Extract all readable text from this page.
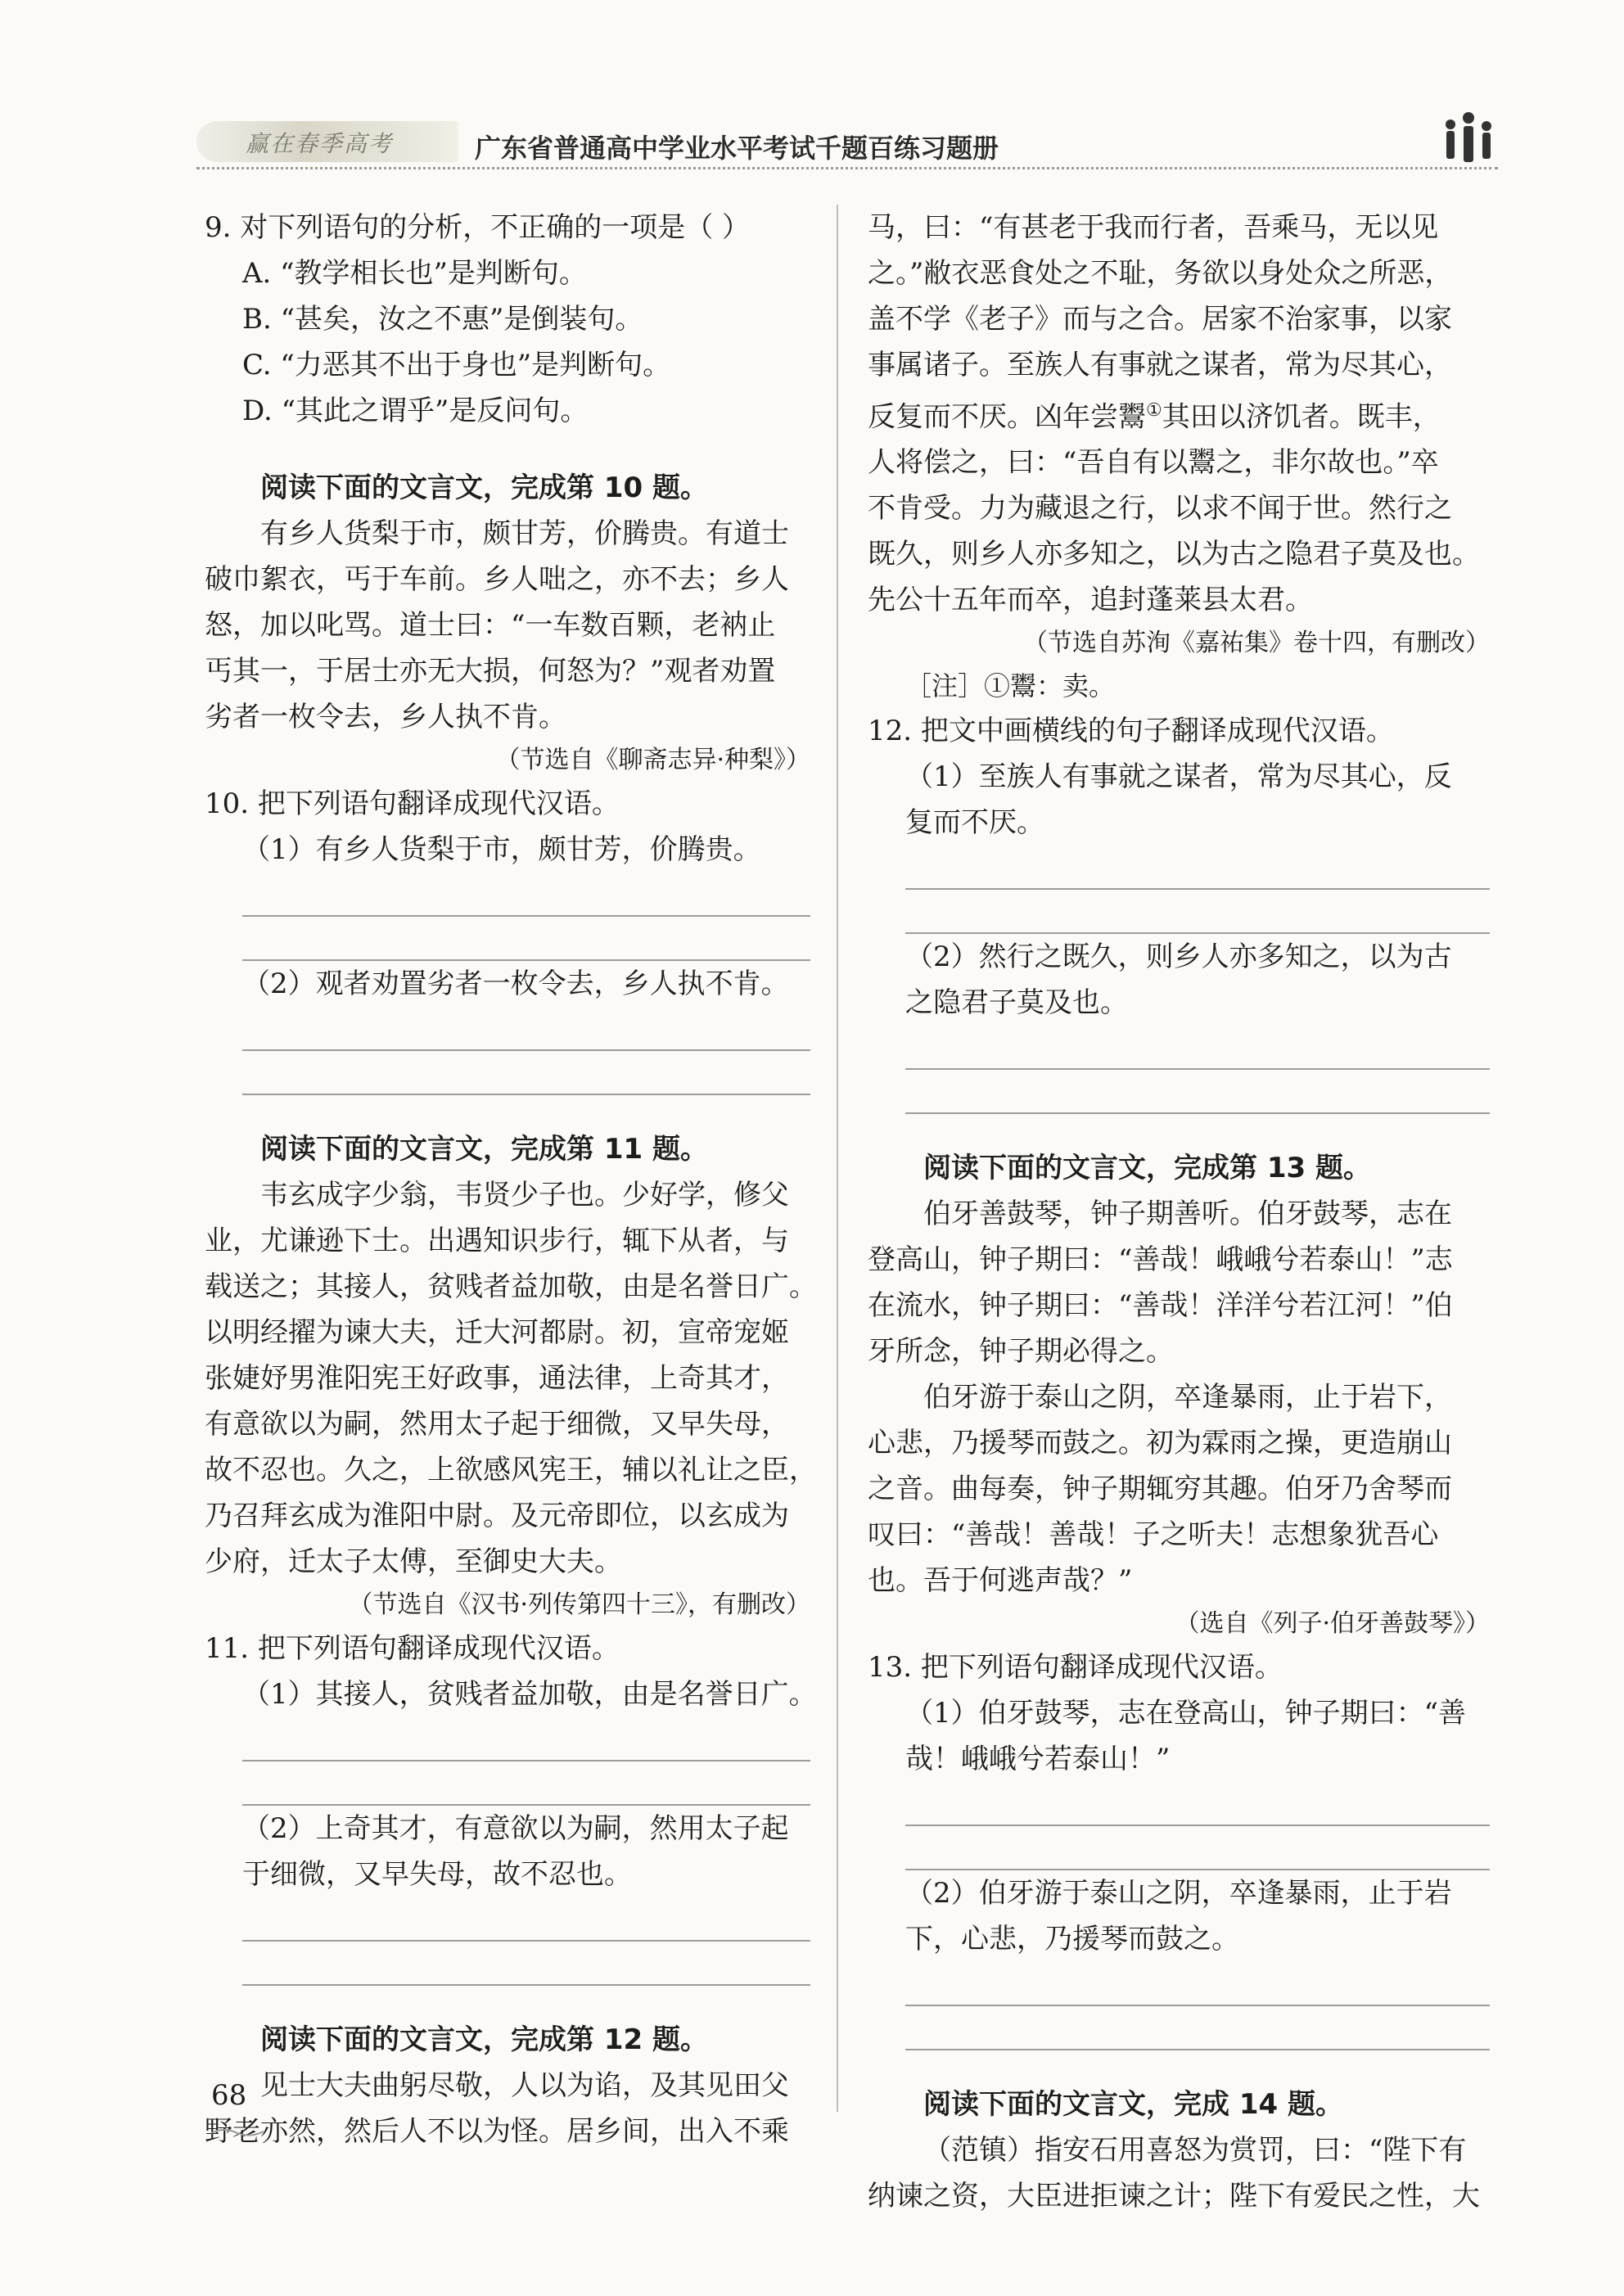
赢在春季高考	广东省普通高中学业水平考试千题百练习题册
9. 对下列语句的分析，不正确的一项是（ ）
A. “教学相长也”是判断句。
B. “甚矣，汝之不惠”是倒装句。
C. “力恶其不出于身也”是判断句。
D. “其此之谓乎”是反问句。
阅读下面的文言文，完成第 10 题。
有乡人货梨于市，颇甘芳，价腾贵。有道士
破巾絮衣，丐于车前。乡人咄之，亦不去；乡人
怒，加以叱骂。道士曰：“一车数百颗，老衲止
丐其一，于居士亦无大损，何怒为？”观者劝置
劣者一枚令去，乡人执不肯。
（节选自《聊斋志异·种梨》）
10. 把下列语句翻译成现代汉语。
（1）有乡人货梨于市，颇甘芳，价腾贵。
（2）观者劝置劣者一枚令去，乡人执不肯。
阅读下面的文言文，完成第 11 题。
韦玄成字少翁，韦贤少子也。少好学，修父
业，尤谦逊下士。出遇知识步行，辄下从者，与
载送之；其接人，贫贱者益加敬，由是名誉日广。
以明经擢为谏大夫，迁大河都尉。初，宣帝宠姬
张婕妤男淮阳宪王好政事，通法律，上奇其才，
有意欲以为嗣，然用太子起于细微，又早失母，
故不忍也。久之，上欲感风宪王，辅以礼让之臣，
乃召拜玄成为淮阳中尉。及元帝即位，以玄成为
少府，迁太子太傅，至御史大夫。
（节选自《汉书·列传第四十三》，有删改）
11. 把下列语句翻译成现代汉语。
（1）其接人，贫贱者益加敬，由是名誉日广。
（2）上奇其才，有意欲以为嗣，然用太子起
于细微，又早失母，故不忍也。
阅读下面的文言文，完成第 12 题。
见士大夫曲躬尽敬，人以为谄，及其见田父
野老亦然，然后人不以为怪。居乡间，出入不乘
马，曰：“有甚老于我而行者，吾乘马，无以见
之。”敝衣恶食处之不耻，务欲以身处众之所恶，
盖不学《老子》而与之合。居家不治家事，以家
事属诸子。至族人有事就之谋者，常为尽其心，
反复而不厌。凶年尝鬻①其田以济饥者。既丰，
人将偿之，曰：“吾自有以鬻之，非尔故也。”卒
不肯受。力为藏退之行，以求不闻于世。然行之
既久，则乡人亦多知之，以为古之隐君子莫及也。
先公十五年而卒，追封蓬莱县太君。
（节选自苏洵《嘉祐集》卷十四，有删改）
［注］①鬻：卖。
12. 把文中画横线的句子翻译成现代汉语。
（1）至族人有事就之谋者，常为尽其心，反
复而不厌。
（2）然行之既久，则乡人亦多知之，以为古
之隐君子莫及也。
阅读下面的文言文，完成第 13 题。
伯牙善鼓琴，钟子期善听。伯牙鼓琴，志在
登高山，钟子期曰：“善哉！峨峨兮若泰山！”志
在流水，钟子期曰：“善哉！洋洋兮若江河！”伯
牙所念，钟子期必得之。
伯牙游于泰山之阴，卒逢暴雨，止于岩下，
心悲，乃援琴而鼓之。初为霖雨之操，更造崩山
之音。曲每奏，钟子期辄穷其趣。伯牙乃舍琴而
叹曰：“善哉！善哉！子之听夫！志想象犹吾心
也。吾于何逃声哉？”
（选自《列子·伯牙善鼓琴》）
13. 把下列语句翻译成现代汉语。
（1）伯牙鼓琴，志在登高山，钟子期曰：“善
哉！峨峨兮若泰山！”
（2）伯牙游于泰山之阴，卒逢暴雨，止于岩
下，心悲，乃援琴而鼓之。
阅读下面的文言文，完成 14 题。
（范镇）指安石用喜怒为赏罚，曰：“陛下有
纳谏之资，大臣进拒谏之计；陛下有爱民之性，大
68
